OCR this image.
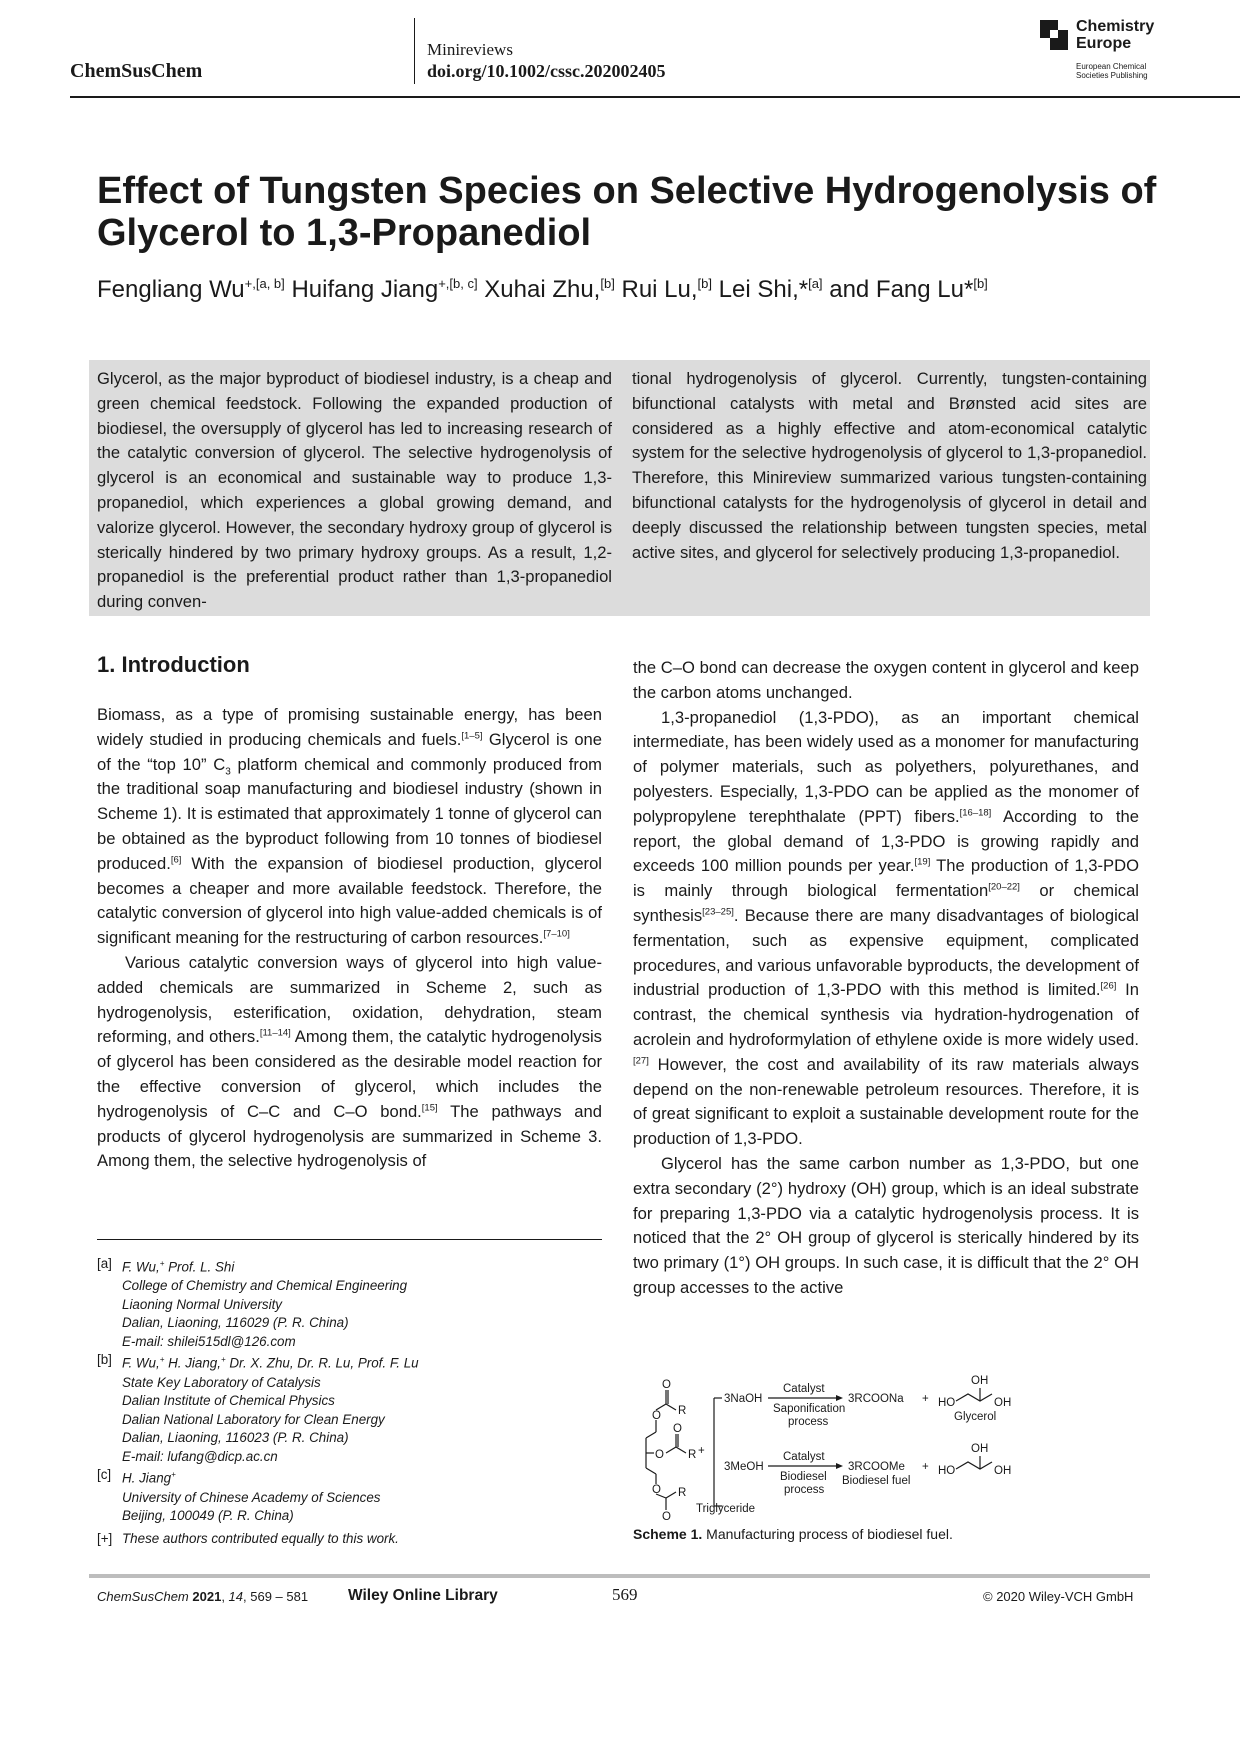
ChemSusChem
Minireviews
doi.org/10.1002/cssc.202002405
Chemistry
Europe
European Chemical
Societies Publishing
Effect of Tungsten Species on Selective Hydrogenolysis of Glycerol to 1,3-Propanediol
Fengliang $Wu^{+,[a, b]}$ Huifang Jiang$^{+,[b, c]}$ Xuhai Zhu,[b] Rui Lu,[b] Lei Shi,*[a] and Fang Lu*[b]
Glycerol, as the major byproduct of biodiesel industry, is a cheap and green chemical feedstock. Following the expanded production of biodiesel, the oversupply of glycerol has led to increasing research of the catalytic conversion of glycerol. The selective hydrogenolysis of glycerol is an economical and sustainable way to produce 1,3-propanediol, which experiences a global growing demand, and valorize glycerol. However, the secondary hydroxy group of glycerol is sterically hindered by two primary hydroxy groups. As a result, 1,2-propanediol is the preferential product rather than 1,3-propanediol during conven-
tional hydrogenolysis of glycerol. Currently, tungsten-containing bifunctional catalysts with metal and Brønsted acid sites are considered as a highly effective and atom-economical catalytic system for the selective hydrogenolysis of glycerol to 1,3-propanediol. Therefore, this Minireview summarized various tungsten-containing bifunctional catalysts for the hydrogenolysis of glycerol in detail and deeply discussed the relationship between tungsten species, metal active sites, and glycerol for selectively producing 1,3-propanediol.
1. Introduction

Biomass, as a type of promising sustainable energy, has been widely studied in producing chemicals and fuels.[1–5] Glycerol is one of the “top 10” $C_3$ platform chemical and commonly produced from the traditional soap manufacturing and biodiesel industry (shown in Scheme 1). It is estimated that approximately 1 tonne of glycerol can be obtained as the byproduct following from 10 tonnes of biodiesel produced.[6] With the expansion of biodiesel production, glycerol becomes a cheaper and more available feedstock. Therefore, the catalytic conversion of glycerol into high value-added chemicals is of significant meaning for the restructuring of carbon resources.[7–10]

Various catalytic conversion ways of glycerol into high value-added chemicals are summarized in Scheme 2, such as hydrogenolysis, esterification, oxidation, dehydration, steam reforming, and others.[11–14] Among them, the catalytic hydrogenolysis of glycerol has been considered as the desirable model reaction for the effective conversion of glycerol, which includes the hydrogenolysis of C–C and C–O bond.[15] The pathways and products of glycerol hydrogenolysis are summarized in Scheme 3. Among them, the selective hydrogenolysis of

[a] F. Wu,+ Prof. L. Shi
College of Chemistry and Chemical Engineering
Liaoning Normal University
Dalian, Liaoning, 116029 (P. R. China)
E-mail: shilei515dl@126.com
[b] F. Wu,+ H. Jiang,+ Dr. X. Zhu, Dr. R. Lu, Prof. F. Lu
State Key Laboratory of Catalysis
Dalian Institute of Chemical Physics
Dalian National Laboratory for Clean Energy
Dalian, Liaoning, 116023 (P. R. China)
E-mail: lufang@dicp.ac.cn
[c] H. Jiang+
University of Chinese Academy of Sciences
Beijing, 100049 (P. R. China)
[+] These authors contributed equally to this work.

the C–O bond can decrease the oxygen content in glycerol and keep the carbon atoms unchanged.

1,3-propanediol (1,3-PDO), as an important chemical intermediate, has been widely used as a monomer for manufacturing of polymer materials, such as polyethers, polyurethanes, and polyesters. Especially, 1,3-PDO can be applied as the monomer of polypropylene terephthalate (PPT) fibers.[16–18] According to the report, the global demand of 1,3-PDO is growing rapidly and exceeds 100 million pounds per year.[19] The production of 1,3-PDO is mainly through biological fermentation[20–22] or chemical synthesis[23–25]. Because there are many disadvantages of biological fermentation, such as expensive equipment, complicated procedures, and various unfavorable byproducts, the development of industrial production of 1,3-PDO with this method is limited.[26] In contrast, the chemical synthesis via hydration-hydrogenation of acrolein and hydroformylation of ethylene oxide is more widely used.[27] However, the cost and availability of its raw materials always depend on the non-renewable petroleum resources. Therefore, it is of great significant to exploit a sustainable development route for the production of 1,3-PDO.

Glycerol has the same carbon number as 1,3-PDO, but one extra secondary (2°) hydroxy (OH) group, which is an ideal substrate for preparing 1,3-PDO via a catalytic hydrogenolysis process. It is noticed that the 2° OH group of glycerol is sterically hindered by its two primary (1°) OH groups. In such case, it is difficult that the 2° OH group accesses to the active

O
O
R
O
O R
O
O
R
+
Triglyceride
3NaOH
Catalyst
Saponification
process
3RCOONa + HO
OH
OH
Glycerol
3MeOH
Catalyst
Biodiesel
process
3RCOOMe
Biodiesel fuel
+ HO
OH
OH
Scheme 1. Manufacturing process of biodiesel fuel.
ChemSusChem 2021, 14, 569 – 581	Wiley Online Library	569	© 2020 Wiley-VCH GmbH
